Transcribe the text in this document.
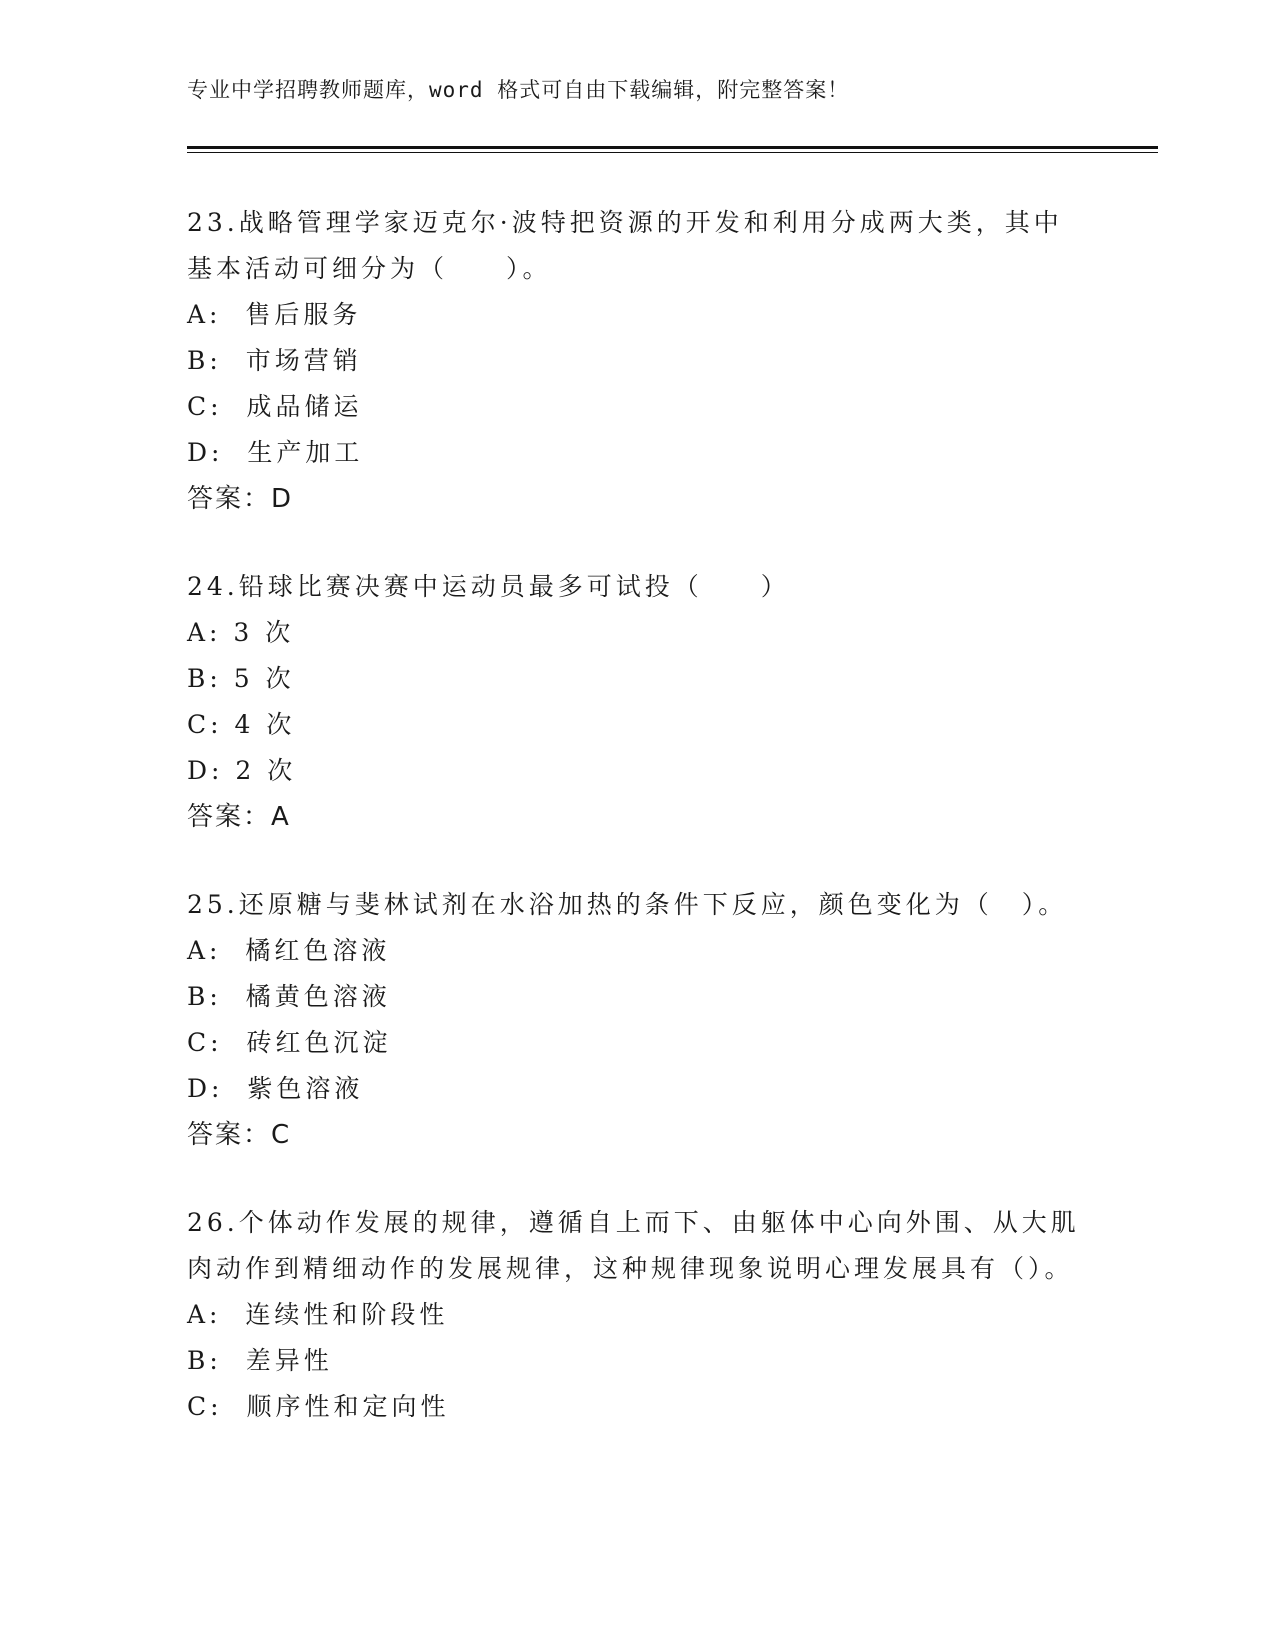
专业中学招聘教师题库，word 格式可自由下载编辑，附完整答案！

23.战略管理学家迈克尔·波特把资源的开发和利用分成两大类，其中基本活动可细分为（　　）。

A:  售后服务
B:  市场营销
C:  成品储运
D:  生产加工
答案：D

24.铅球比赛决赛中运动员最多可试投（　　）

A: 3 次
B: 5 次
C: 4 次
D: 2 次
答案：A

25.还原糖与斐林试剂在水浴加热的条件下反应，颜色变化为（　）。

A:  橘红色溶液
B:  橘黄色溶液
C:  砖红色沉淀
D:  紫色溶液
答案：C

26.个体动作发展的规律，遵循自上而下、由躯体中心向外围、从大肌肉动作到精细动作的发展规律，这种规律现象说明心理发展具有（）。

A:  连续性和阶段性
B:  差异性
C:  顺序性和定向性
